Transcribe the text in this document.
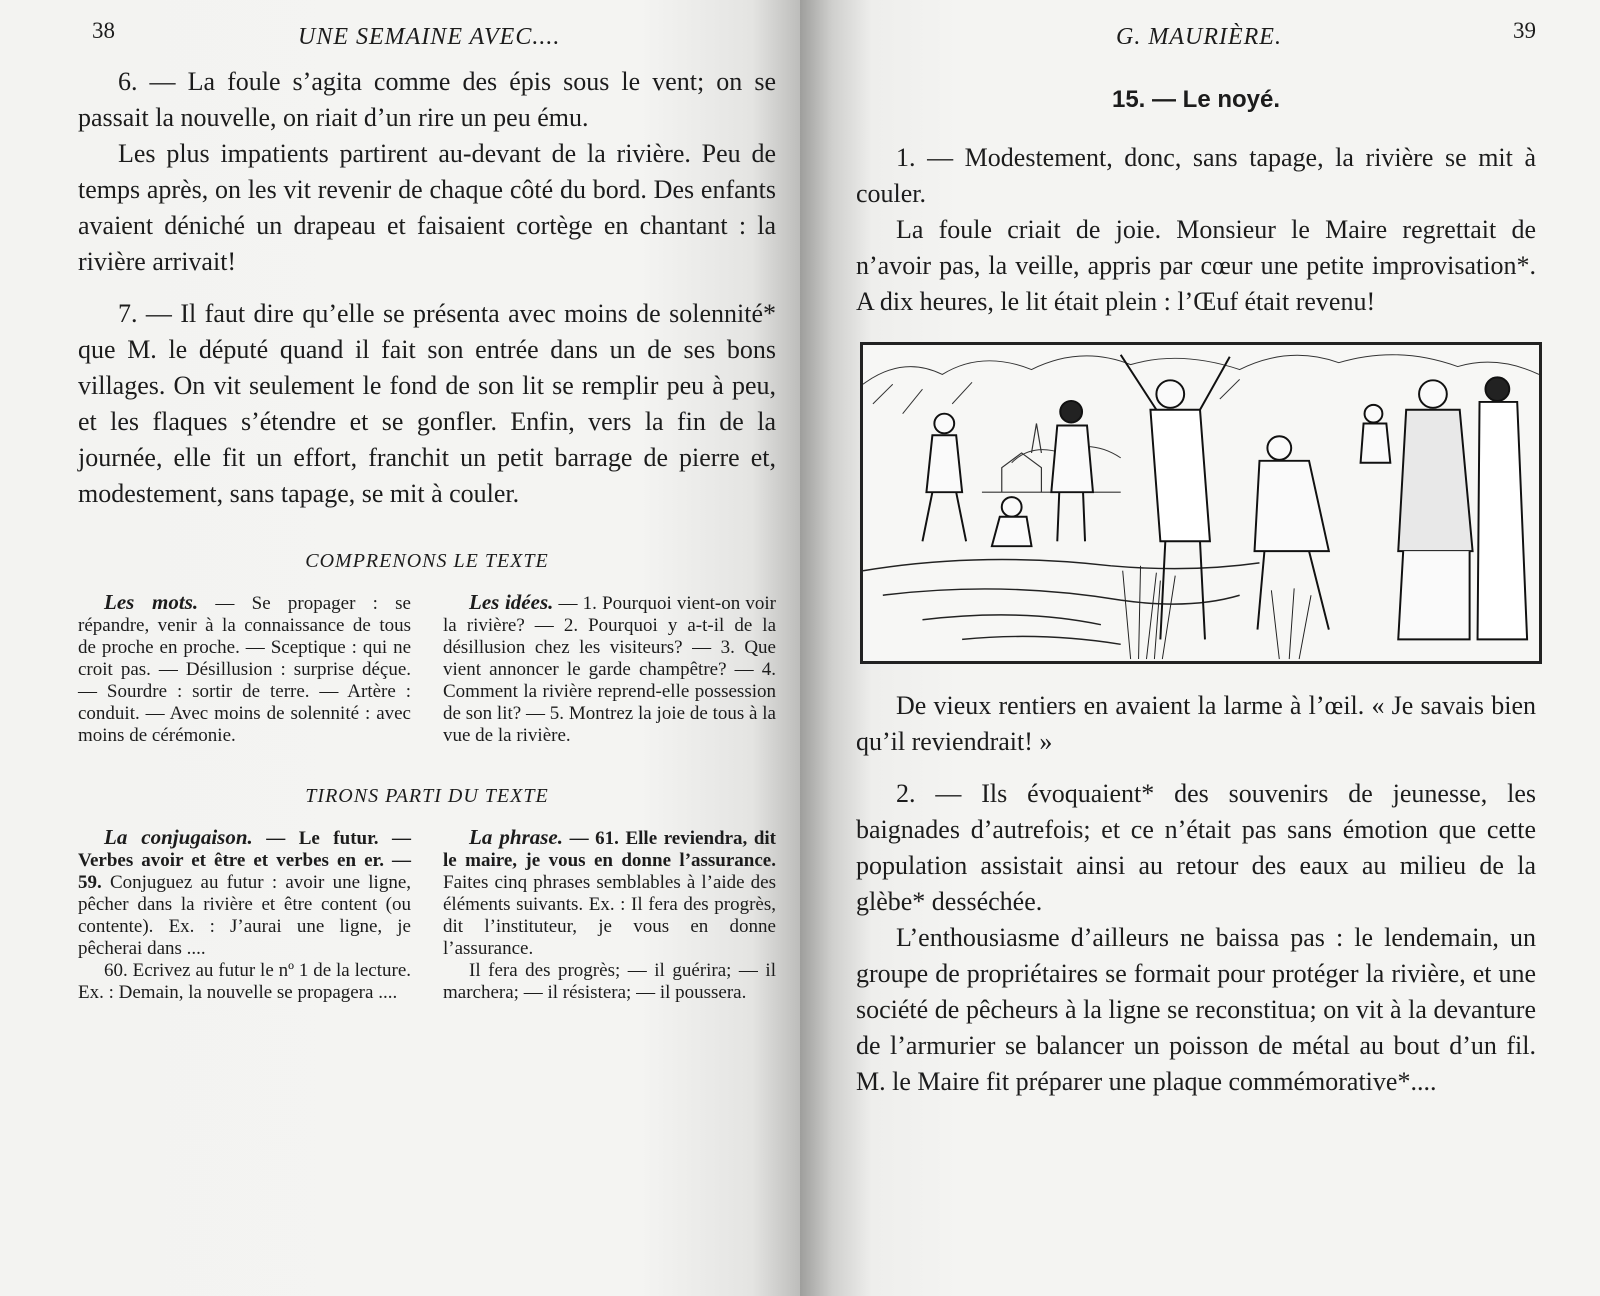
38	UNE SEMAINE AVEC....

6. — La foule s’agita comme des épis sous le vent; on se passait la nouvelle, on riait d’un rire un peu ému.

Les plus impatients partirent au-devant de la rivière. Peu de temps après, on les vit revenir de chaque côté du bord. Des enfants avaient déniché un drapeau et faisaient cortège en chantant : la rivière arrivait!

7. — Il faut dire qu’elle se présenta avec moins de solennité* que M. le député quand il fait son entrée dans un de ses bons villages. On vit seulement le fond de son lit se remplir peu à peu, et les flaques s’étendre et se gonfler. Enfin, vers la fin de la journée, elle fit un effort, franchit un petit barrage de pierre et, modestement, sans tapage, se mit à couler.

COMPRENONS LE TEXTE

Les mots. — Se propager : se répandre, venir à la connaissance de tous de proche en proche. — Sceptique : qui ne croit pas. — Désillusion : surprise déçue. — Sourdre : sortir de terre. — Artère : conduit. — Avec moins de solennité : avec moins de cérémonie.

Les idées. — 1. Pourquoi vient-on voir la rivière? — 2. Pourquoi y a-t-il de la désillusion chez les visiteurs? — 3. Que vient annoncer le garde champêtre? — 4. Comment la rivière reprend-elle possession de son lit? — 5. Montrez la joie de tous à la vue de la rivière.

TIRONS PARTI DU TEXTE

La conjugaison. — Le futur. — Verbes avoir et être et verbes en er. — 59. Conjuguez au futur : avoir une ligne, pêcher dans la rivière et être content (ou contente). Ex. : J’aurai une ligne, je pêcherai dans ....

60. Ecrivez au futur le nº 1 de la lecture. Ex. : Demain, la nouvelle se propagera ....

La phrase. — 61. Elle reviendra, dit le maire, je vous en donne l’assurance. Faites cinq phrases semblables à l’aide des éléments suivants. Ex. : Il fera des progrès, dit l’instituteur, je vous en donne l’assurance.

Il fera des progrès; — il guérira; — il marchera; — il résistera; — il poussera.

G. MAURIÈRE.	39
15. — Le noyé.

1. — Modestement, donc, sans tapage, la rivière se mit à couler.

La foule criait de joie. Monsieur le Maire regrettait de n’avoir pas, la veille, appris par cœur une petite improvisation*. A dix heures, le lit était plein : l’Œuf était revenu!

De vieux rentiers en avaient la larme à l’œil. « Je savais bien qu’il reviendrait! »

2. — Ils évoquaient* des souvenirs de jeunesse, les baignades d’autrefois; et ce n’était pas sans émotion que cette population assistait ainsi au retour des eaux au milieu de la glèbe* desséchée.

L’enthousiasme d’ailleurs ne baissa pas : le lendemain, un groupe de propriétaires se formait pour protéger la rivière, et une société de pêcheurs à la ligne se reconstitua; on vit à la devanture de l’armurier se balancer un poisson de métal au bout d’un fil. M. le Maire fit préparer une plaque commémorative*....
